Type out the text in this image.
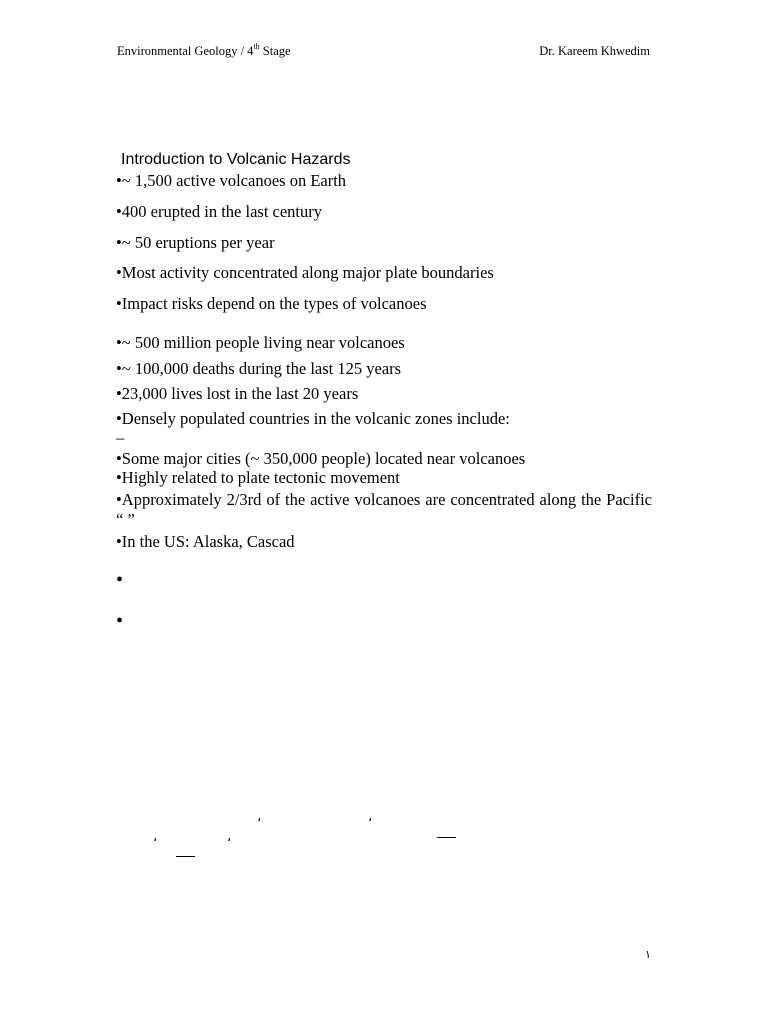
Environmental Geology / 4th Stage	Dr. Kareem Khwedim
Introduction to Volcanic Hazards
•~ 1,500 active volcanoes on Earth
•400 erupted in the last century
•~ 50 eruptions per year
•Most activity concentrated along major plate boundaries
•Impact risks depend on the types of volcanoes
•~ 500 million people living near volcanoes
•~ 100,000 deaths during the last 125 years
•23,000 lives lost in the last 20 years
•Densely populated countries in the volcanic zones include:
–
•Some major cities (~ 350,000 people) located near volcanoes
•Highly related to plate tectonic movement
•Approximately 2/3rd of the active volcanoes are concentrated along the Pacific “ ”
•In the US: Alaska, Cascad
•
•
،	،
،	،
١
